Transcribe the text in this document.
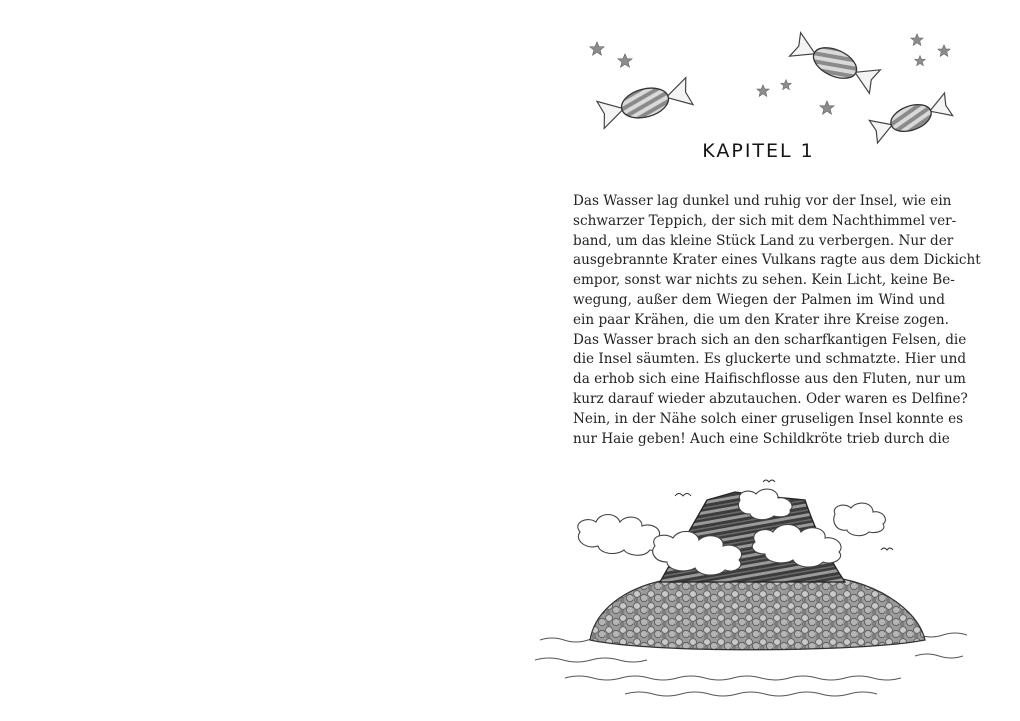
KAPITEL 1
Das Wasser lag dunkel und ruhig vor der Insel, wie ein
schwarzer Teppich, der sich mit dem Nachthimmel ver-
band, um das kleine Stück Land zu verbergen. Nur der
ausgebrannte Krater eines Vulkans ragte aus dem Dickicht
empor, sonst war nichts zu sehen. Kein Licht, keine Be-
wegung, außer dem Wiegen der Palmen im Wind und
ein paar Krähen, die um den Krater ihre Kreise zogen.
Das Wasser brach sich an den scharfkantigen Felsen, die
die Insel säumten. Es gluckerte und schmatzte. Hier und
da erhob sich eine Haifischflosse aus den Fluten, nur um
kurz darauf wieder abzutauchen. Oder waren es Delfine?
Nein, in der Nähe solch einer gruseligen Insel konnte es
nur Haie geben! Auch eine Schildkröte trieb durch die
